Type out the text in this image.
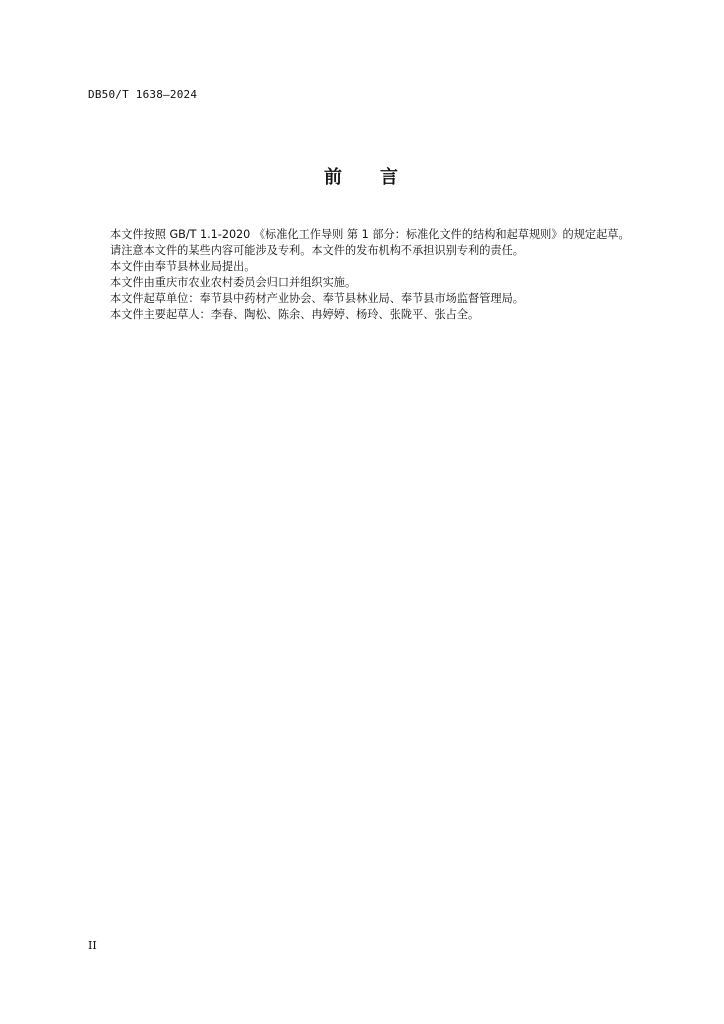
DB50/T 1638—2024
前 言

本文件按照 GB/T 1.1-2020 《标准化工作导则 第 1 部分：标准化文件的结构和起草规则》的规定起草。

请注意本文件的某些内容可能涉及专利。本文件的发布机构不承担识别专利的责任。

本文件由奉节县林业局提出。

本文件由重庆市农业农村委员会归口并组织实施。

本文件起草单位：奉节县中药材产业协会、奉节县林业局、奉节县市场监督管理局。

本文件主要起草人：李春、陶松、陈余、冉婷婷、杨玲、张陇平、张占全。

II
